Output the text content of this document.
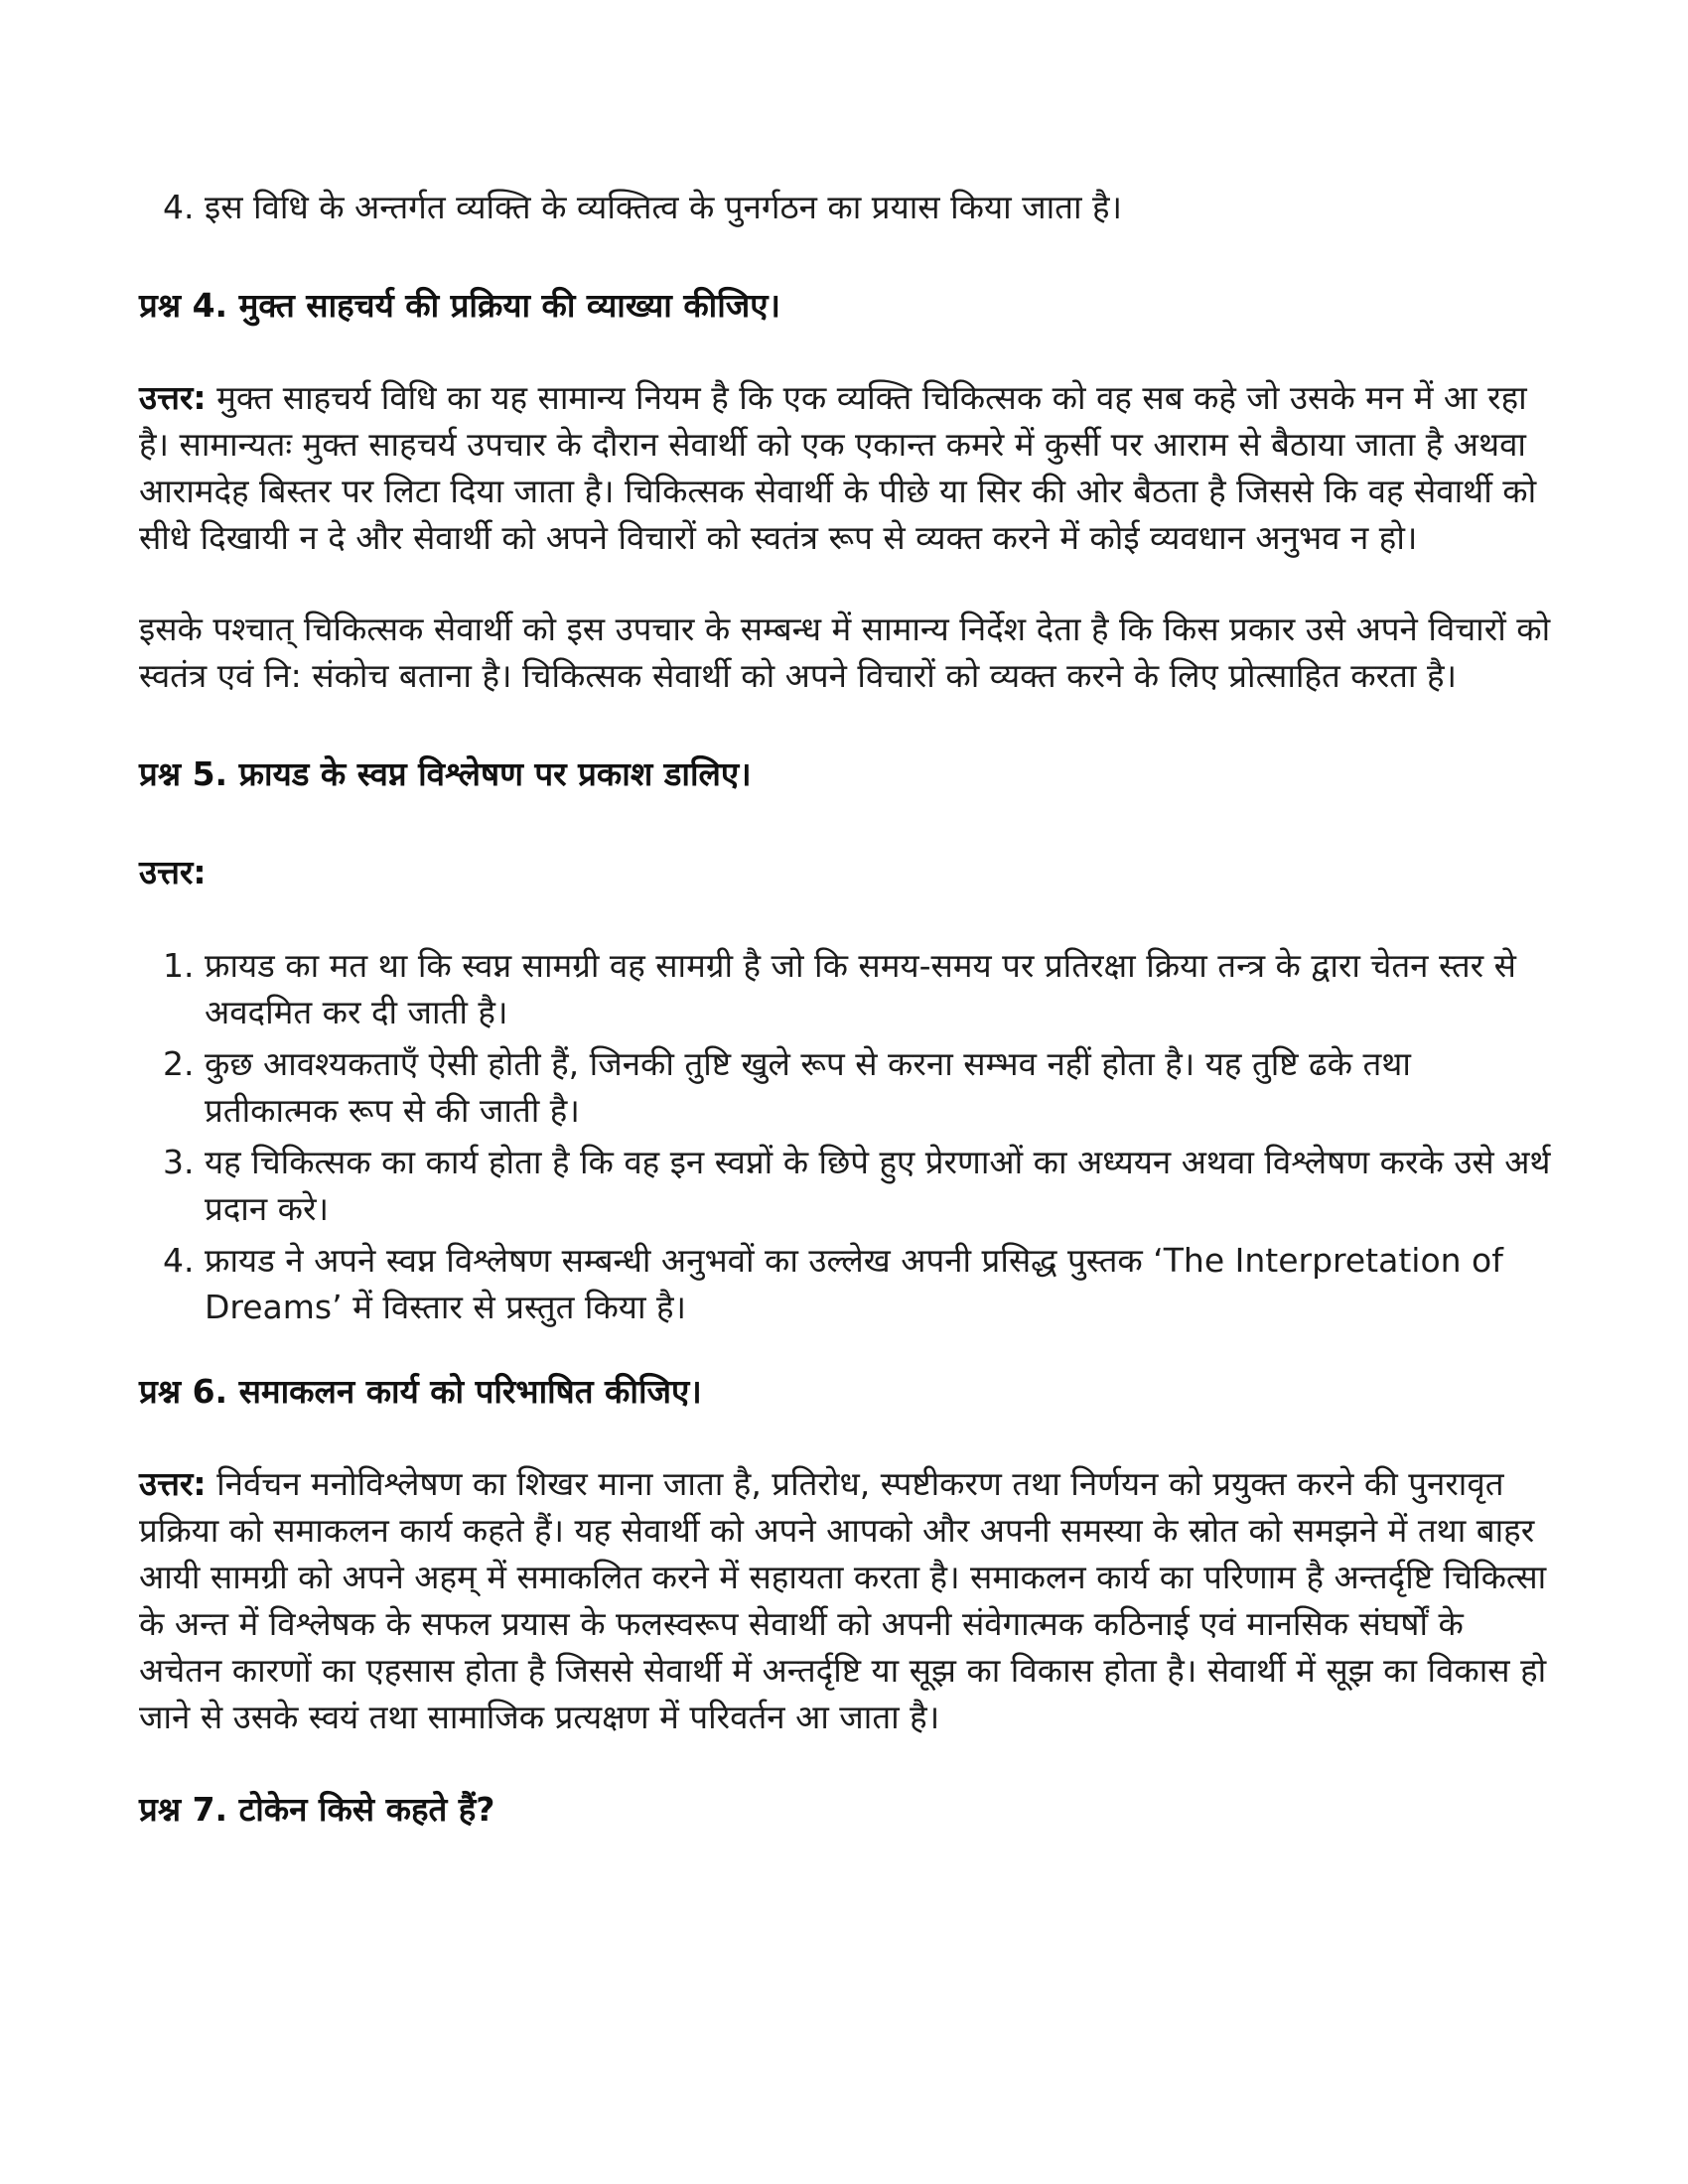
4. इस विधि के अन्तर्गत व्यक्ति के व्यक्तित्व के पुनर्गठन का प्रयास किया जाता है।
प्रश्न 4. मुक्त साहचर्य की प्रक्रिया की व्याख्या कीजिए।

उत्तर: मुक्त साहचर्य विधि का यह सामान्य नियम है कि एक व्यक्ति चिकित्सक को वह सब कहे जो उसके मन में आ रहा है। सामान्यतः मुक्त साहचर्य उपचार के दौरान सेवार्थी को एक एकान्त कमरे में कुर्सी पर आराम से बैठाया जाता है अथवा आरामदेह बिस्तर पर लिटा दिया जाता है। चिकित्सक सेवार्थी के पीछे या सिर की ओर बैठता है जिससे कि वह सेवार्थी को सीधे दिखायी न दे और सेवार्थी को अपने विचारों को स्वतंत्र रूप से व्यक्त करने में कोई व्यवधान अनुभव न हो।

इसके पश्चात् चिकित्सक सेवार्थी को इस उपचार के सम्बन्ध में सामान्य निर्देश देता है कि किस प्रकार उसे अपने विचारों को स्वतंत्र एवं नि: संकोच बताना है। चिकित्सक सेवार्थी को अपने विचारों को व्यक्त करने के लिए प्रोत्साहित करता है।

प्रश्न 5. फ्रायड के स्वप्न विश्लेषण पर प्रकाश डालिए।

उत्तर:

1. फ्रायड का मत था कि स्वप्न सामग्री वह सामग्री है जो कि समय-समय पर प्रतिरक्षा क्रिया तन्त्र के द्वारा चेतन स्तर से अवदमित कर दी जाती है।
2. कुछ आवश्यकताएँ ऐसी होती हैं, जिनकी तुष्टि खुले रूप से करना सम्भव नहीं होता है। यह तुष्टि ढके तथा प्रतीकात्मक रूप से की जाती है।
3. यह चिकित्सक का कार्य होता है कि वह इन स्वप्नों के छिपे हुए प्रेरणाओं का अध्ययन अथवा विश्लेषण करके उसे अर्थ प्रदान करे।
4. फ्रायड ने अपने स्वप्न विश्लेषण सम्बन्धी अनुभवों का उल्लेख अपनी प्रसिद्ध पुस्तक ‘The Interpretation of Dreams’ में विस्तार से प्रस्तुत किया है।
प्रश्न 6. समाकलन कार्य को परिभाषित कीजिए।

उत्तर: निर्वचन मनोविश्लेषण का शिखर माना जाता है, प्रतिरोध, स्पष्टीकरण तथा निर्णयन को प्रयुक्त करने की पुनरावृत प्रक्रिया को समाकलन कार्य कहते हैं। यह सेवार्थी को अपने आपको और अपनी समस्या के स्रोत को समझने में तथा बाहर आयी सामग्री को अपने अहम् में समाकलित करने में सहायता करता है। समाकलन कार्य का परिणाम है अन्तर्दृष्टि चिकित्सा के अन्त में विश्लेषक के सफल प्रयास के फलस्वरूप सेवार्थी को अपनी संवेगात्मक कठिनाई एवं मानसिक संघर्षों के अचेतन कारणों का एहसास होता है जिससे सेवार्थी में अन्तर्दृष्टि या सूझ का विकास होता है। सेवार्थी में सूझ का विकास हो जाने से उसके स्वयं तथा सामाजिक प्रत्यक्षण में परिवर्तन आ जाता है।

प्रश्न 7. टोकेन किसे कहते हैं?
